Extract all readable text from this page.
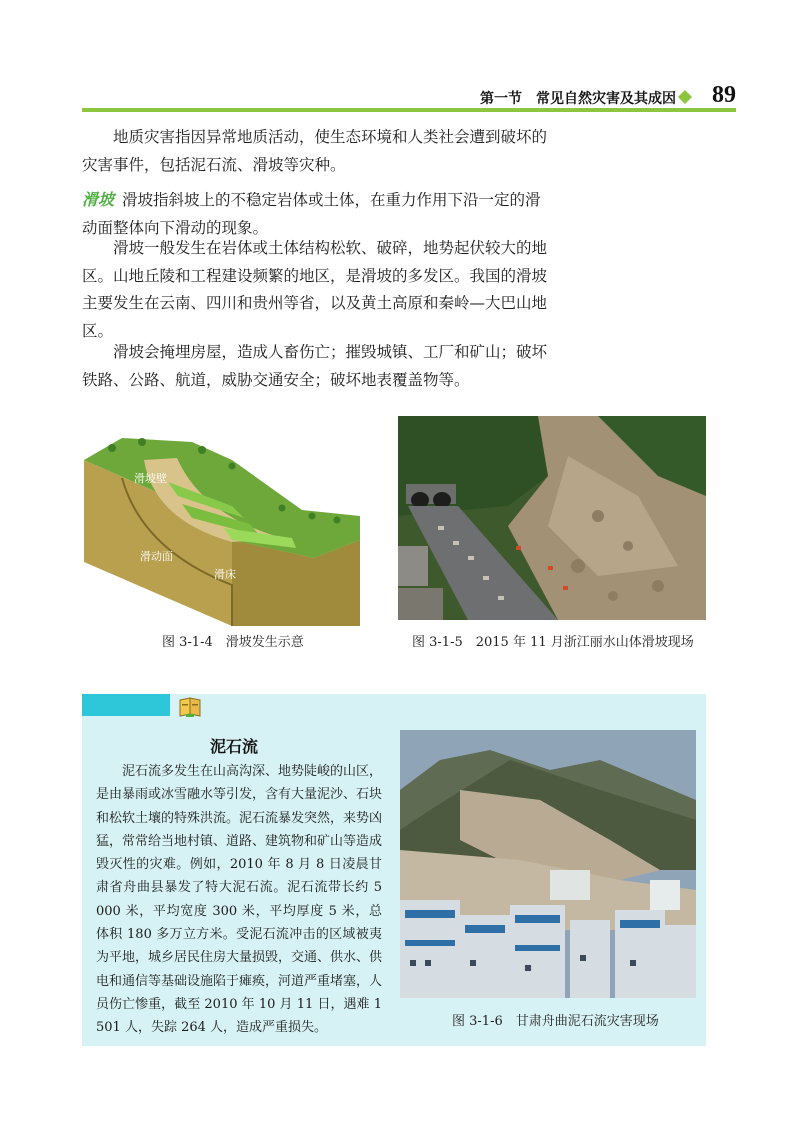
第一节　常见自然灾害及其成因 89

地质灾害指因异常地质活动，使生态环境和人类社会遭到破坏的灾害事件，包括泥石流、滑坡等灾种。

滑坡 滑坡指斜坡上的不稳定岩体或土体，在重力作用下沿一定的滑动面整体向下滑动的现象。

滑坡一般发生在岩体或土体结构松软、破碎，地势起伏较大的地区。山地丘陵和工程建设频繁的地区，是滑坡的多发区。我国的滑坡主要发生在云南、四川和贵州等省，以及黄土高原和秦岭—大巴山地区。

滑坡会掩埋房屋，造成人畜伤亡；摧毁城镇、工厂和矿山；破坏铁路、公路、航道，威胁交通安全；破坏地表覆盖物等。

滑坡壁
滑动面
滑床
图 3-1-4　滑坡发生示意	图 3-1-5　2015 年 11 月浙江丽水山体滑坡现场
泥石流

泥石流多发生在山高沟深、地势陡峻的山区，是由暴雨或冰雪融水等引发，含有大量泥沙、石块和松软土壤的特殊洪流。泥石流暴发突然，来势凶猛，常常给当地村镇、道路、建筑物和矿山等造成毁灭性的灾难。例如，2010 年 8 月 8 日凌晨甘肃省舟曲县暴发了特大泥石流。泥石流带长约 5 000 米，平均宽度 300 米，平均厚度 5 米，总体积 180 多万立方米。受泥石流冲击的区域被夷为平地，城乡居民住房大量损毁，交通、供水、供电和通信等基础设施陷于瘫痪，河道严重堵塞，人员伤亡惨重，截至 2010 年 10 月 11 日，遇难 1 501 人，失踪 264 人，造成严重损失。	图 3-1-6　甘肃舟曲泥石流灾害现场
